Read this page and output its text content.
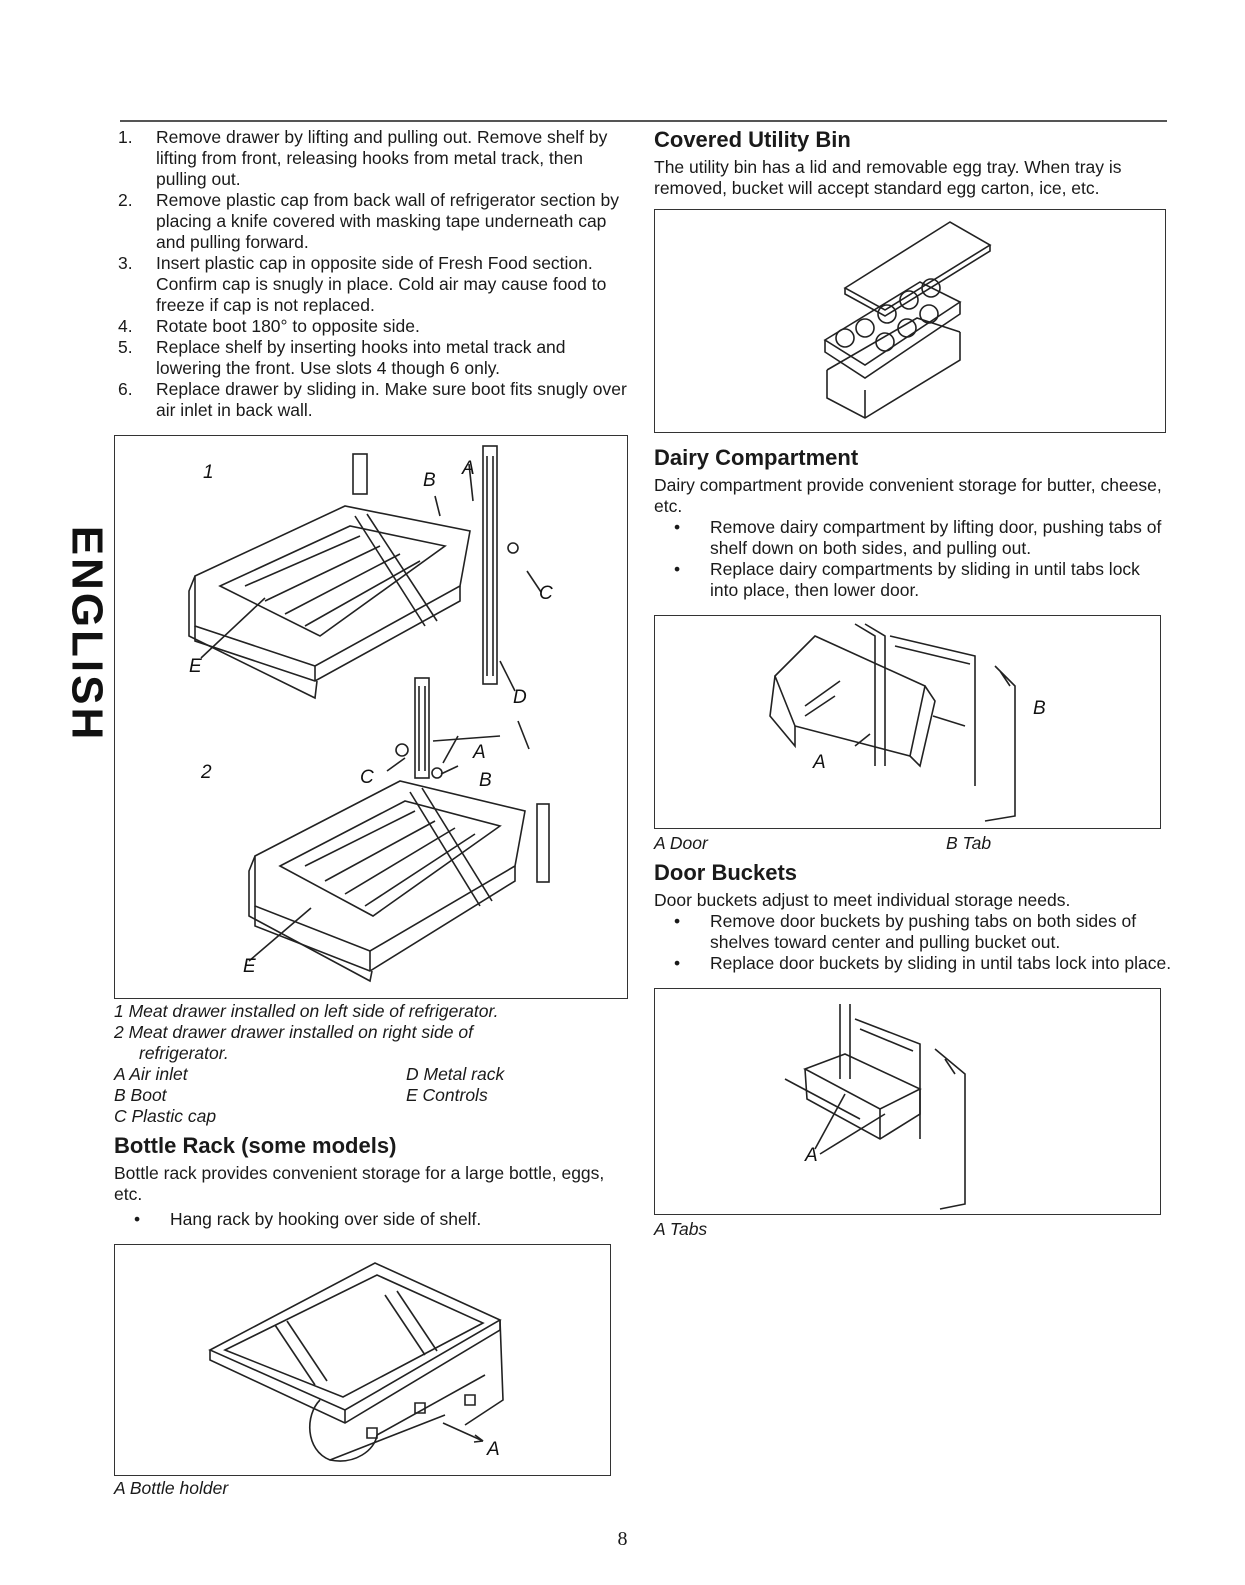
ENGLISH
1. Remove drawer by lifting and pulling out. Remove shelf by lifting from front, releasing hooks from metal track, then pulling out.
2. Remove plastic cap from back wall of refrigerator section by placing a knife covered with masking tape underneath cap and pulling forward.
3. Insert plastic cap in opposite side of Fresh Food section. Confirm cap is snugly in place. Cold air may cause food to freeze if cap is not replaced.
4. Rotate boot 180° to opposite side.
5. Replace shelf by inserting hooks into metal track and lowering the front. Use slots 4 though 6 only.
6. Replace drawer by sliding in. Make sure boot fits snugly over air inlet in back wall.
1	B
A
C
E
D
2	C
A
B
E
1 Meat drawer installed on left side of refrigerator.
2 Meat drawer drawer installed on right side of
refrigerator.
A Air inlet	D Metal rack
B Boot	E Controls
C Plastic cap
Bottle Rack (some models)

Bottle rack provides convenient storage for a large bottle, eggs, etc.

• Hang rack by hooking over side of shelf.
A
A Bottle holder
Covered Utility Bin

The utility bin has a lid and removable egg tray. When tray is removed, bucket will accept standard egg carton, ice, etc.

Dairy Compartment

Dairy compartment provide convenient storage for butter, cheese, etc.

• Remove dairy compartment by lifting door, pushing tabs of shelf down on both sides, and pulling out.
• Replace dairy compartments by sliding in until tabs lock into place, then lower door.
B
A
A Door	B Tab
Door Buckets

Door buckets adjust to meet individual storage needs.

• Remove door buckets by pushing tabs on both sides of shelves toward center and pulling bucket out.
• Replace door buckets by sliding in until tabs lock into place.
A
A Tabs
8
